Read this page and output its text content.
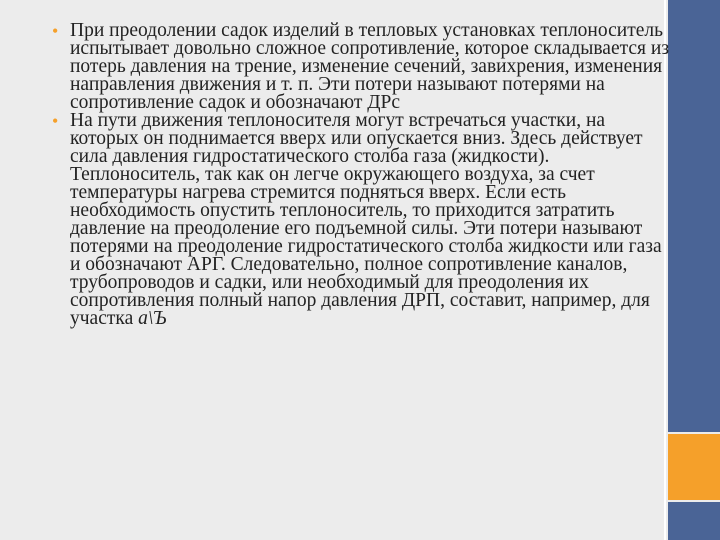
• При преодолении садок изделий в тепловых установках теплоноситель испытывает довольно сложное сопротивление, которое складывается из потерь давления на трение, изменение сечений, завихрения, изменения направления движения и т. п. Эти потери называют потерями на сопротивление садок и обозначают ДРс
• На пути движения теплоносителя могут встречаться участки, на которых он поднимается вверх или опускается вниз. Здесь действует сила давления гидростатического столба газа (жидкости). Теплоноситель, так как он легче окружающего воздуха, за счет температуры нагрева стремится подняться вверх. Если есть необходимость опустить теплоноситель, то приходится затратить давление на преодоление его подъемной силы. Эти потери называют потерями на преодоление гидростатического столба жидкости или газа и обозначают АРГ. Следовательно, полное сопротивление каналов, трубопроводов и садки, или необходимый для преодоления их сопротивления полный напор давления ДРП, составит, например, для участка а\Ъ
